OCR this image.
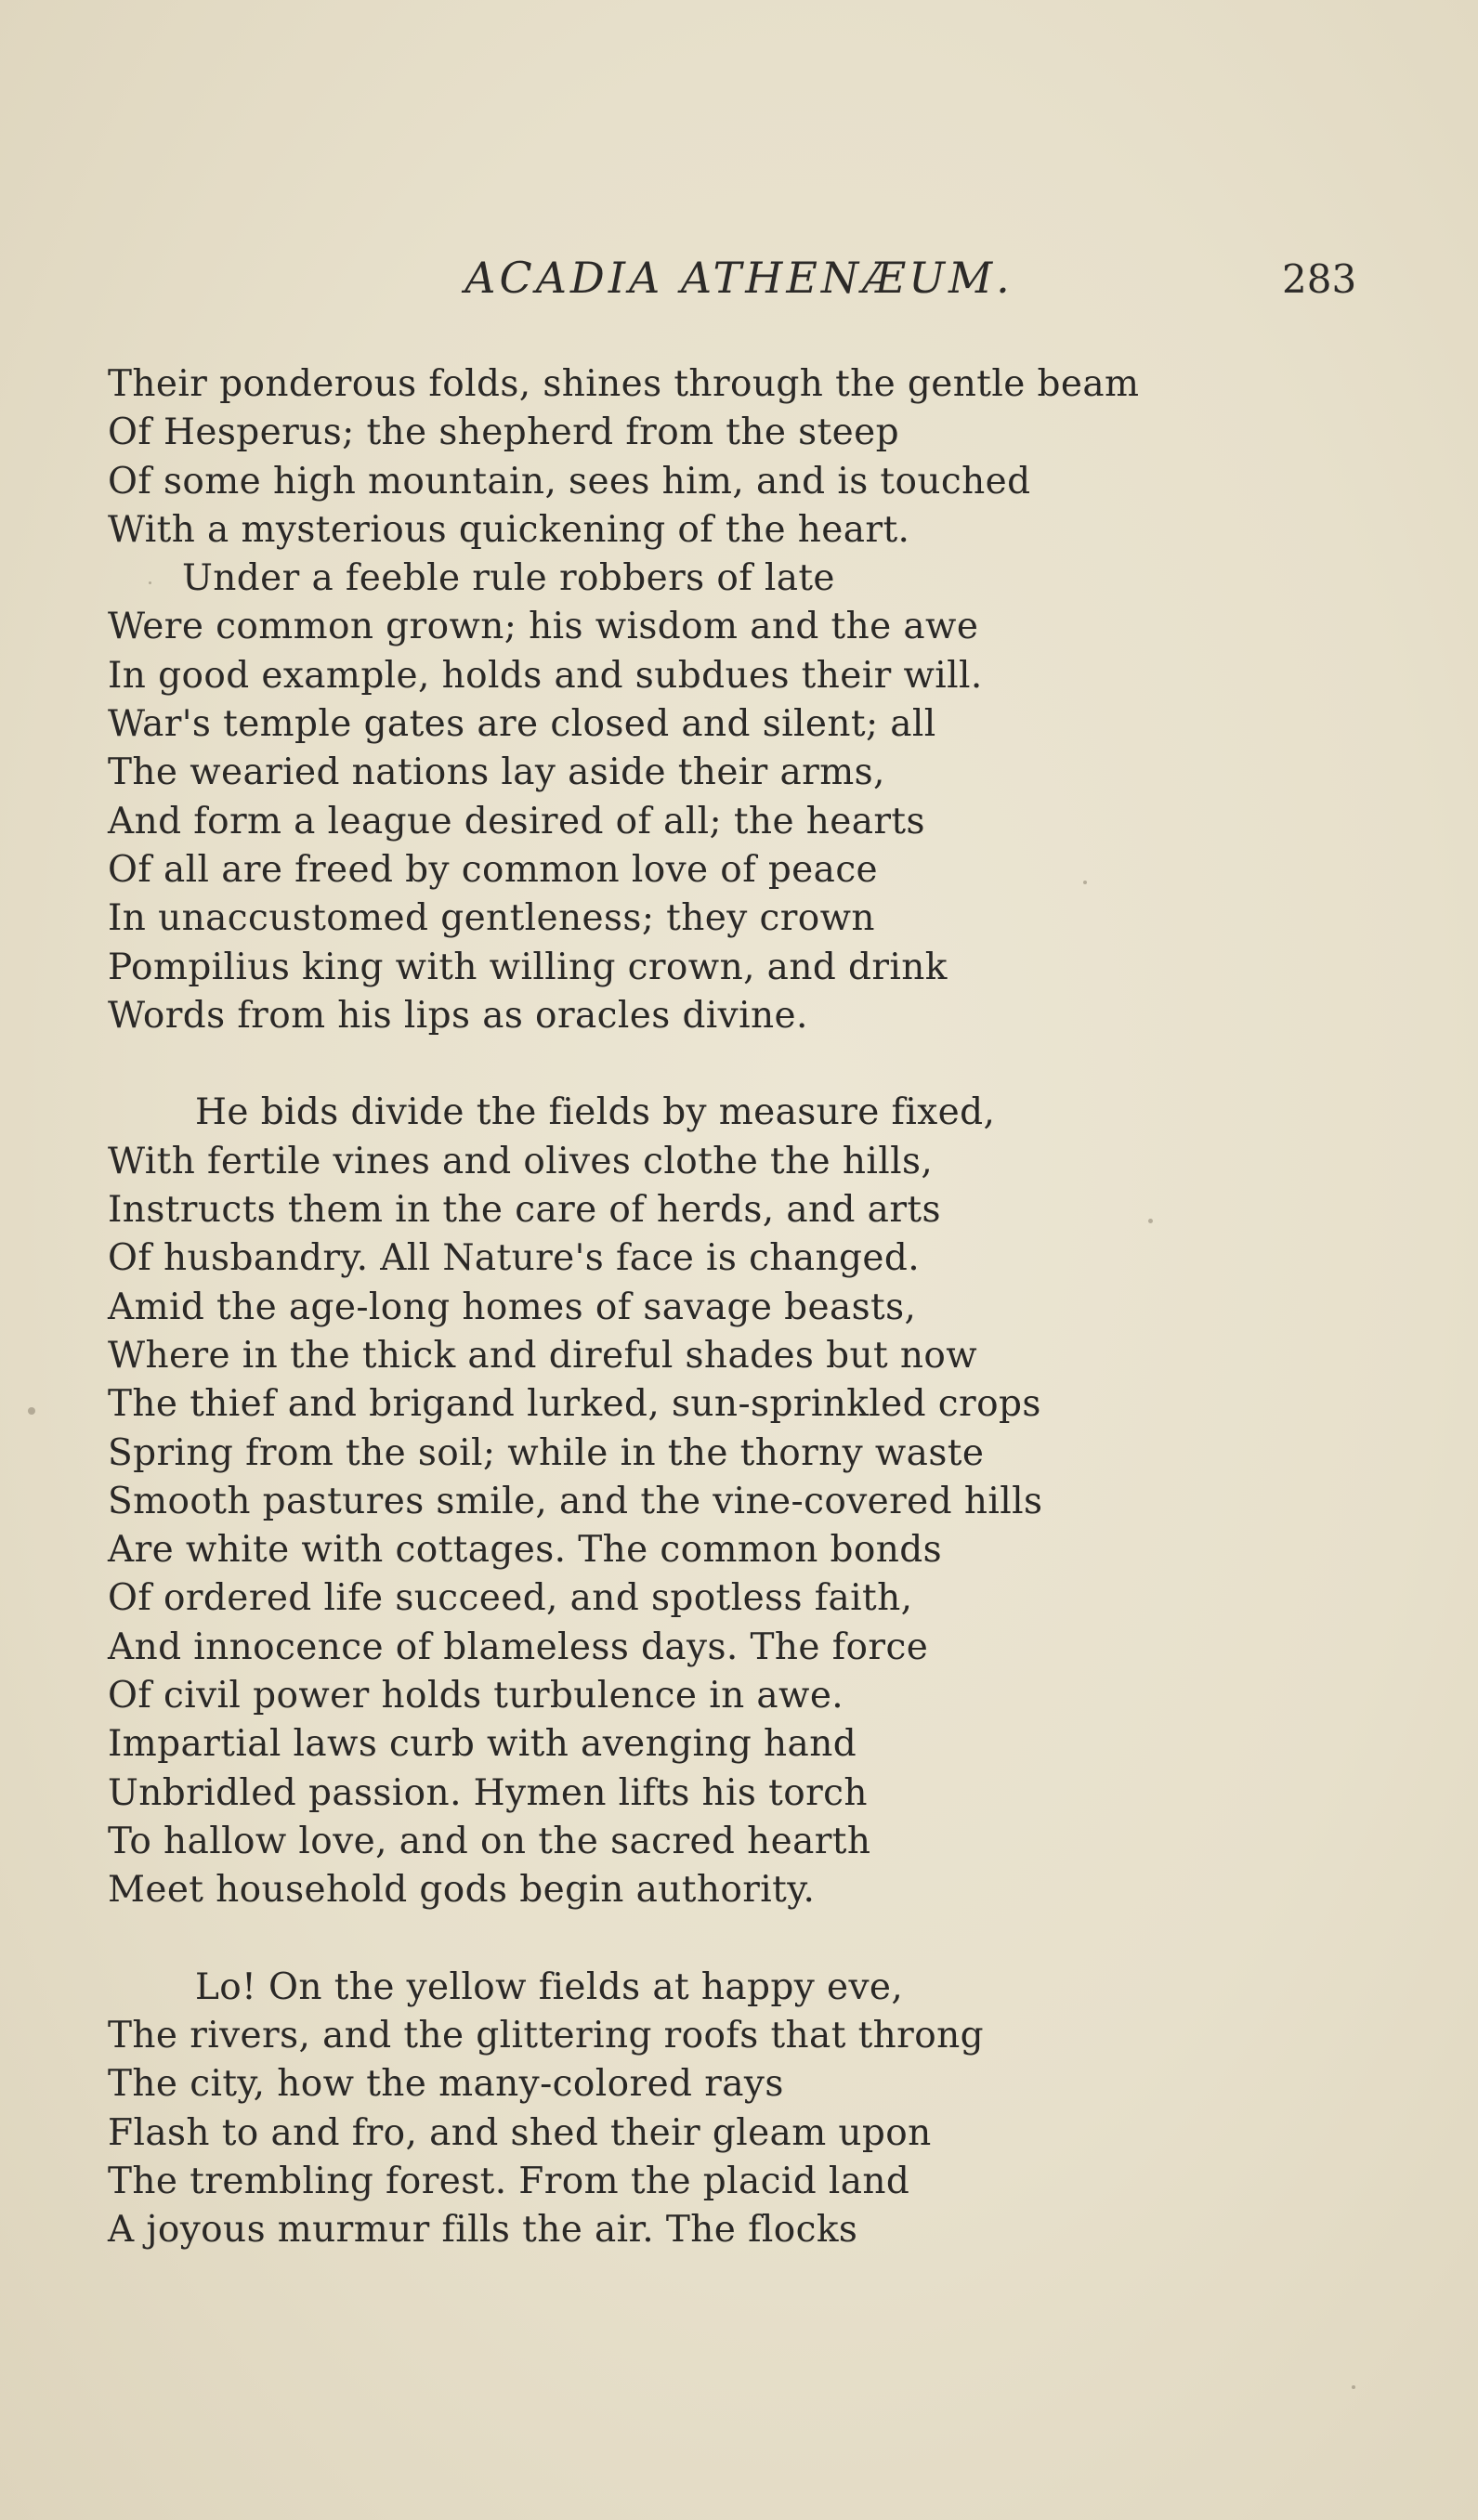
ACADIA ATHENÆUM.	283
Their ponderous folds, shines through the gentle beam
Of Hesperus; the shepherd from the steep
Of some high mountain, sees him, and is touched
With a mysterious quickening of the heart.
Under a feeble rule robbers of late
Were common grown; his wisdom and the awe
In good example, holds and subdues their will.
War's temple gates are closed and silent; all
The wearied nations lay aside their arms,
And form a league desired of all; the hearts
Of all are freed by common love of peace
In unaccustomed gentleness; they crown
Pompilius king with willing crown, and drink
Words from his lips as oracles divine.
He bids divide the fields by measure fixed,
With fertile vines and olives clothe the hills,
Instructs them in the care of herds, and arts
Of husbandry. All Nature's face is changed.
Amid the age-long homes of savage beasts,
Where in the thick and direful shades but now
The thief and brigand lurked, sun-sprinkled crops
Spring from the soil; while in the thorny waste
Smooth pastures smile, and the vine-covered hills
Are white with cottages. The common bonds
Of ordered life succeed, and spotless faith,
And innocence of blameless days. The force
Of civil power holds turbulence in awe.
Impartial laws curb with avenging hand
Unbridled passion. Hymen lifts his torch
To hallow love, and on the sacred hearth
Meet household gods begin authority.
Lo! On the yellow fields at happy eve,
The rivers, and the glittering roofs that throng
The city, how the many-colored rays
Flash to and fro, and shed their gleam upon
The trembling forest. From the placid land
A joyous murmur fills the air. The flocks
